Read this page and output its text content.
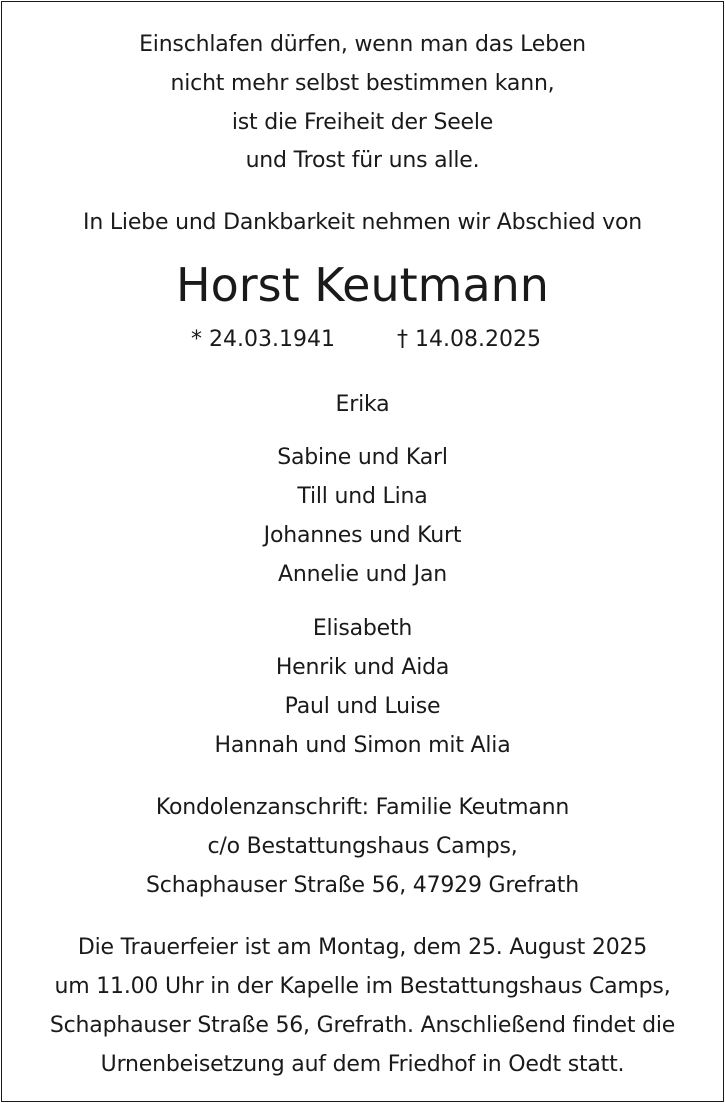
Einschlafen dürfen, wenn man das Leben
nicht mehr selbst bestimmen kann,
ist die Freiheit der Seele
und Trost für uns alle.
In Liebe und Dankbarkeit nehmen wir Abschied von
Horst Keutmann
* 24.03.1941	† 14.08.2025
Erika
Sabine und Karl
Till und Lina
Johannes und Kurt
Annelie und Jan
Elisabeth
Henrik und Aida
Paul und Luise
Hannah und Simon mit Alia
Kondolenzanschrift: Familie Keutmann
c/o Bestattungshaus Camps,
Schaphauser Straße 56, 47929 Grefrath
Die Trauerfeier ist am Montag, dem 25. August 2025
um 11.00 Uhr in der Kapelle im Bestattungshaus Camps,
Schaphauser Straße 56, Grefrath. Anschließend findet die
Urnenbeisetzung auf dem Friedhof in Oedt statt.
